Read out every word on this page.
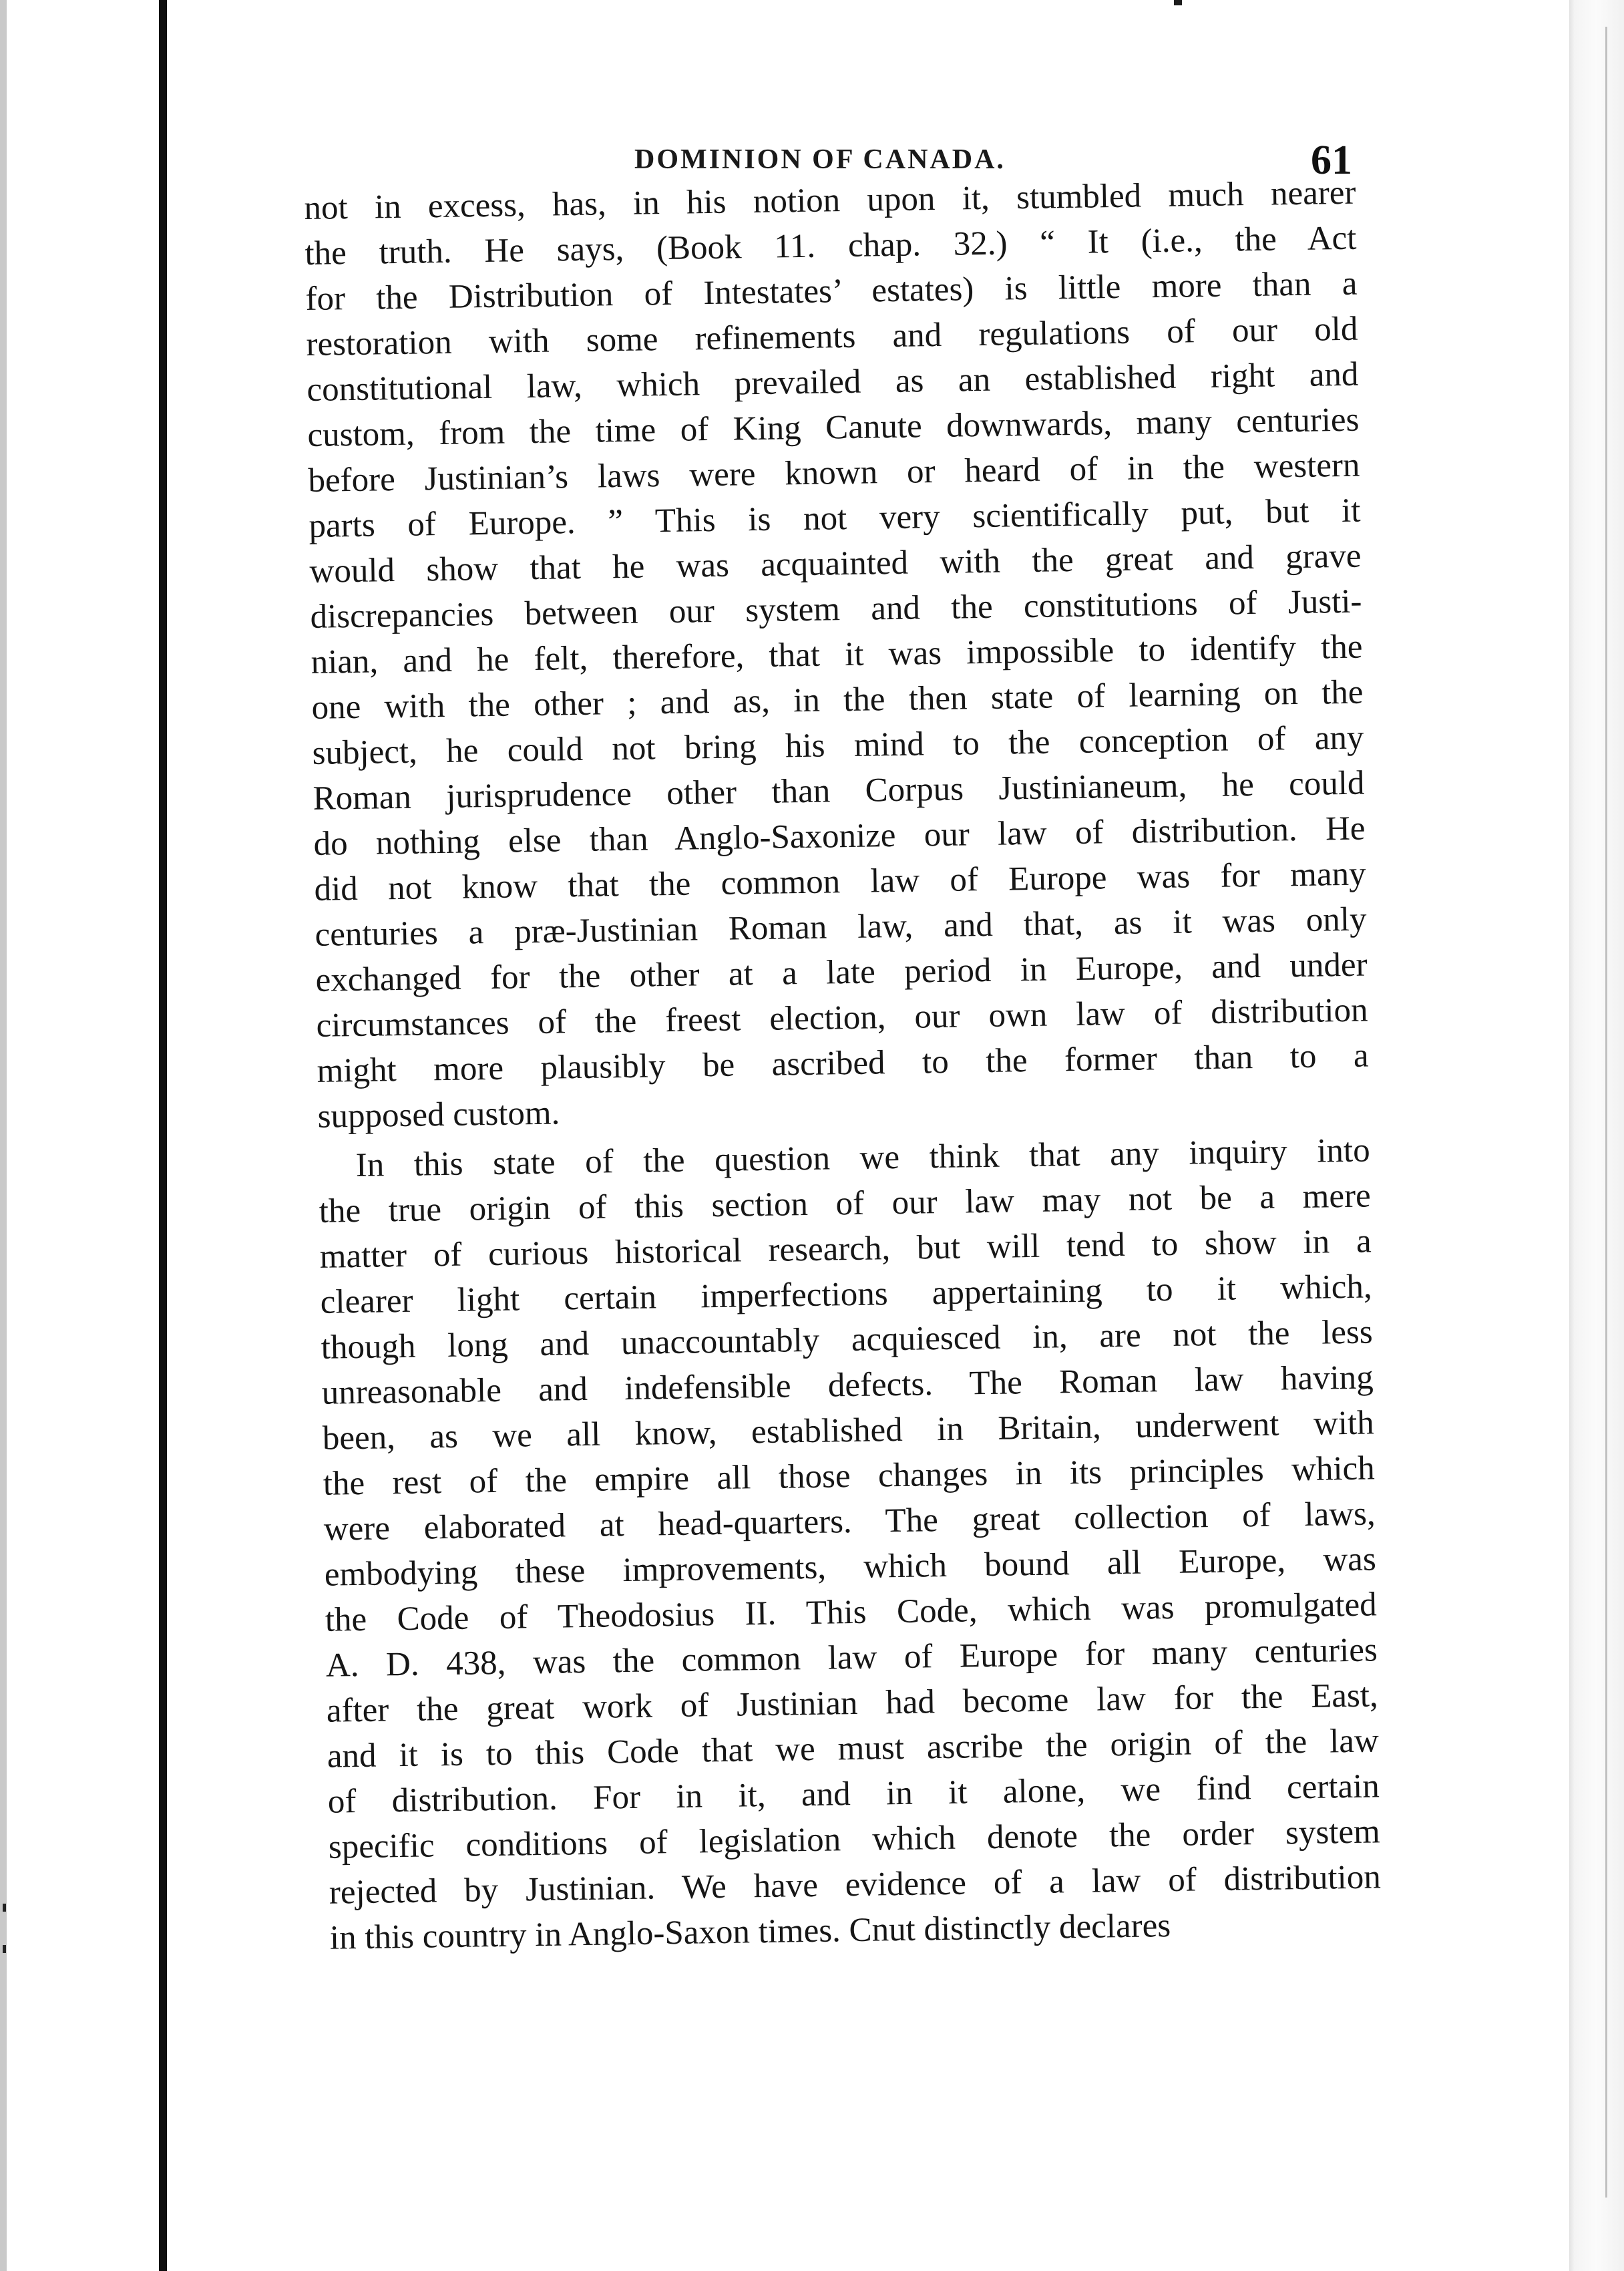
DOMINION OF CANADA.	61
not in excess, has, in his notion upon it, stumbled much nearer
the truth. He says, (Book 11. chap. 32.) “ It (i.e., the Act
for the Distribution of Intestates’ estates) is little more than a
restoration with some refinements and regulations of our old
constitutional law, which prevailed as an established right and
custom, from the time of King Canute downwards, many centuries
before Justinian’s laws were known or heard of in the western
parts of Europe. ” This is not very scientifically put, but it
would show that he was acquainted with the great and grave
discrepancies between our system and the constitutions of Justi-
nian, and he felt, therefore, that it was impossible to identify the
one with the other ; and as, in the then state of learning on the
subject, he could not bring his mind to the conception of any
Roman jurisprudence other than Corpus Justinianeum, he could
do nothing else than Anglo-Saxonize our law of distribution. He
did not know that the common law of Europe was for many
centuries a præ-Justinian Roman law, and that, as it was only
exchanged for the other at a late period in Europe, and under
circumstances of the freest election, our own law of distribution
might more plausibly be ascribed to the former than to a
supposed custom.
In this state of the question we think that any inquiry into
the true origin of this section of our law may not be a mere
matter of curious historical research, but will tend to show in a
clearer light certain imperfections appertaining to it which,
though long and unaccountably acquiesced in, are not the less
unreasonable and indefensible defects. The Roman law having
been, as we all know, established in Britain, underwent with
the rest of the empire all those changes in its principles which
were elaborated at head-quarters. The great collection of laws,
embodying these improvements, which bound all Europe, was
the Code of Theodosius II. This Code, which was promulgated
A. D. 438, was the common law of Europe for many centuries
after the great work of Justinian had become law for the East,
and it is to this Code that we must ascribe the origin of the law
of distribution. For in it, and in it alone, we find certain
specific conditions of legislation which denote the order system
rejected by Justinian. We have evidence of a law of distribution
in this country in Anglo-Saxon times. Cnut distinctly declares
